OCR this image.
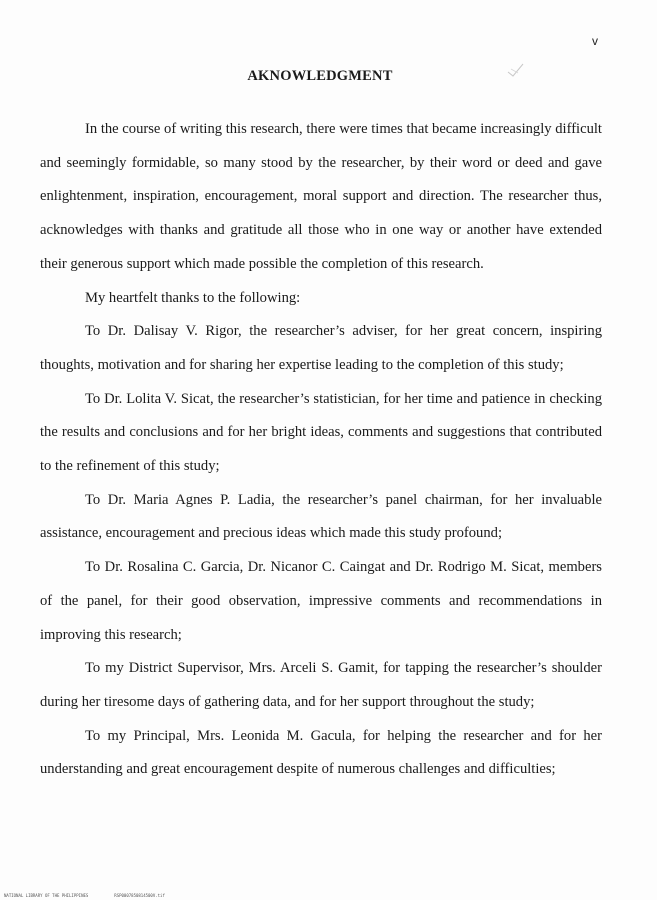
v
AKNOWLEDGMENT

In the course of writing this research, there were times that became increasingly difficult and seemingly formidable, so many stood by the researcher, by their word or deed and gave enlightenment, inspiration, encouragement, moral support and direction. The researcher thus, acknowledges with thanks and gratitude all those who in one way or another have extended their generous support which made possible the completion of this research.

My heartfelt thanks to the following:

To Dr. Dalisay V. Rigor, the researcher’s adviser, for her great concern, inspiring thoughts, motivation and for sharing her expertise leading to the completion of this study;

To Dr. Lolita V. Sicat, the researcher’s statistician, for her time and patience in checking the results and conclusions and for her bright ideas, comments and suggestions that contributed to the refinement of this study;

To Dr. Maria Agnes P. Ladia, the researcher’s panel chairman, for her invaluable assistance, encouragement and precious ideas which made this study profound;

To Dr. Rosalina C. Garcia, Dr. Nicanor C. Caingat and Dr. Rodrigo M. Sicat, members of the panel, for their good observation, impressive comments and recommendations in improving this research;

To my District Supervisor, Mrs. Arceli S. Gamit, for tapping the researcher’s shoulder during her tiresome days of gathering data, and for her support throughout the study;

To my Principal, Mrs. Leonida M. Gacula, for helping the researcher and for her understanding and great encouragement despite of numerous challenges and difficulties;

NATIONAL LIBRARY OF THE PHILIPPINES	RSP0007850814500V.tif
